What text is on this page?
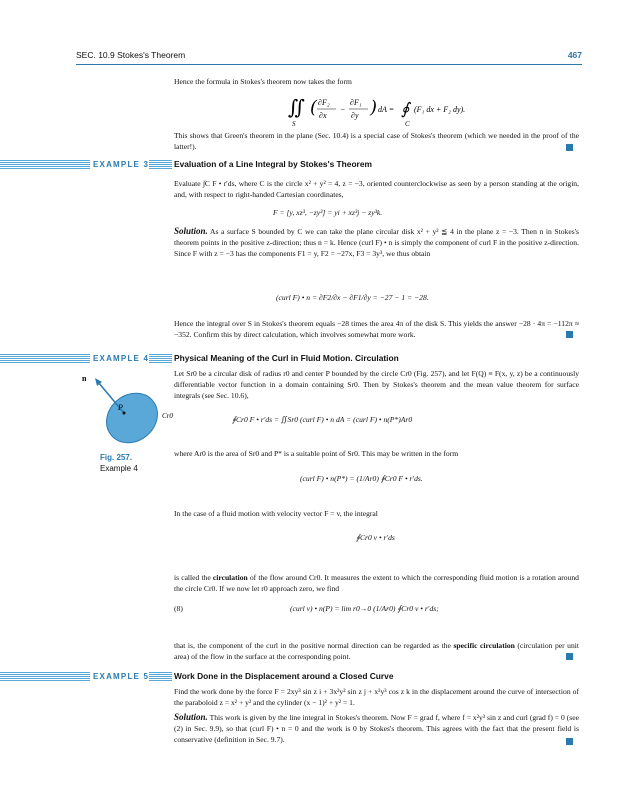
SEC. 10.9 Stokes's Theorem	467
Hence the formula in Stokes's theorem now takes the form
∬
S
( ∂F₂
∂x
−
∂F₁
∂y ) dA = ∮
C
(F₁ dx + F₂ dy).
This shows that Green's theorem in the plane (Sec. 10.4) is a special case of Stokes's theorem (which we needed in the proof of the latter!).
EXAMPLE 3	Evaluation of a Line Integral by Stokes's Theorem
Evaluate ∫C F • r′ds, where C is the circle x² + y² = 4, z = −3, oriented counterclockwise as seen by a person standing at the origin, and, with respect to right-handed Cartesian coordinates,
F = [y, xz³, −zy³] = yi + xz³j − zy³k.
Solution. As a surface S bounded by C we can take the plane circular disk x² + y² ≦ 4 in the plane z = −3. Then n in Stokes's theorem points in the positive z-direction; thus n = k. Hence (curl F) • n is simply the component of curl F in the positive z-direction. Since F with z = −3 has the components F1 = y, F2 = −27x, F3 = 3y³, we thus obtain
(curl F) • n = ∂F2/∂x − ∂F1/∂y = −27 − 1 = −28.
Hence the integral over S in Stokes's theorem equals −28 times the area 4π of the disk S. This yields the answer −28 · 4π = −112π ≈ −352. Confirm this by direct calculation, which involves somewhat more work.
EXAMPLE 4	Physical Meaning of the Curl in Fluid Motion. Circulation
Let Sr0 be a circular disk of radius r0 and center P bounded by the circle Cr0 (Fig. 257), and let F(Q) ≡ F(x, y, z) be a continuously differentiable vector function in a domain containing Sr0. Then by Stokes's theorem and the mean value theorem for surface integrals (see Sec. 10.6),
n
P
Cr0
Fig. 257.
Example 4
∮Cr0 F • r′ds = ∬Sr0 (curl F) • n dA = (curl F) • n(P*)Ar0
where Ar0 is the area of Sr0 and P* is a suitable point of Sr0. This may be written in the form
(curl F) • n(P*) = (1/Ar0) ∮Cr0 F • r′ds.
In the case of a fluid motion with velocity vector F = v, the integral
∮Cr0 v • r′ds
is called the circulation of the flow around Cr0. It measures the extent to which the corresponding fluid motion is a rotation around the circle Cr0. If we now let r0 approach zero, we find
(8)	(curl v) • n(P) = lim r0→0 (1/Ar0) ∮Cr0 v • r′ds;
that is, the component of the curl in the positive normal direction can be regarded as the specific circulation (circulation per unit area) of the flow in the surface at the corresponding point.
EXAMPLE 5	Work Done in the Displacement around a Closed Curve
Find the work done by the force F = 2xy³ sin z i + 3x²y² sin z j + x²y³ cos z k in the displacement around the curve of intersection of the paraboloid z = x² + y² and the cylinder (x − 1)² + y² = 1.
Solution. This work is given by the line integral in Stokes's theorem. Now F = grad f, where f = x²y³ sin z and curl (grad f) = 0 (see (2) in Sec. 9.9), so that (curl F) • n = 0 and the work is 0 by Stokes's theorem. This agrees with the fact that the present field is conservative (definition in Sec. 9.7).
